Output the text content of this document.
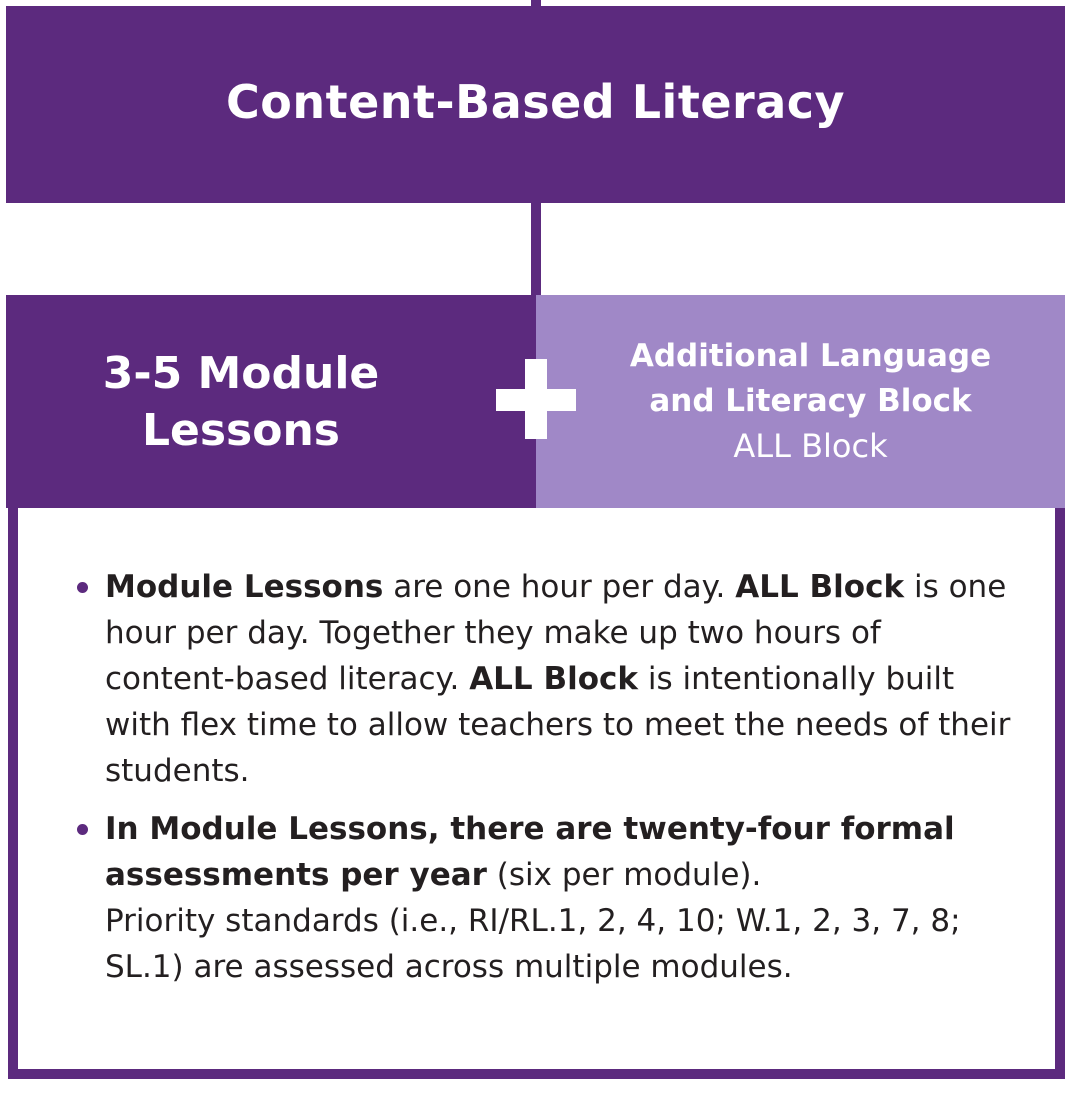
Content-Based Literacy
3-5 Module
Lessons
Additional Language
and Literacy Block
ALL Block
Module Lessons are one hour per day. ALL Block is one hour per day. Together they make up two hours of content-based literacy. ALL Block is intentionally built with flex time to allow teachers to meet the needs of their students.
In Module Lessons, there are twenty-four formal assessments per year (six per module).
Priority standards (i.e., RI/RL.1, 2, 4, 10; W.1, 2, 3, 7, 8; SL.1) are assessed across multiple modules.
